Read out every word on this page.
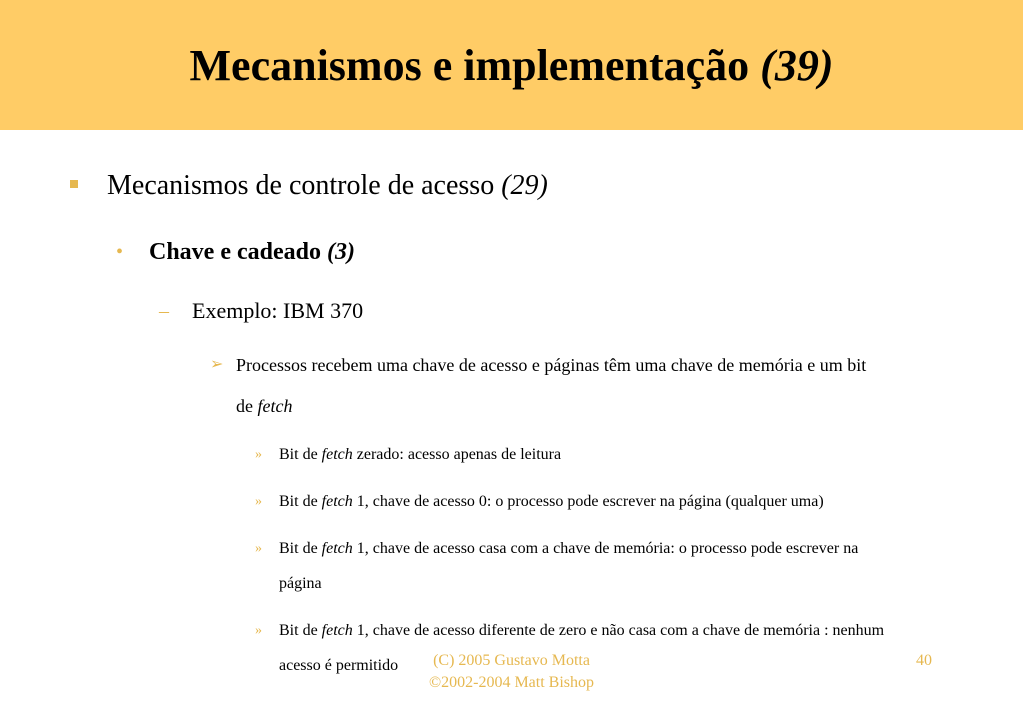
Mecanismos e implementação (39)
Mecanismos de controle de acesso (29)
• Chave e cadeado (3)
– Exemplo: IBM 370
➢ Processos recebem uma chave de acesso e páginas têm uma chave de memória e um bit
de fetch
» Bit de fetch zerado: acesso apenas de leitura
» Bit de fetch 1, chave de acesso 0: o processo pode escrever na página (qualquer uma)
» Bit de fetch 1, chave de acesso casa com a chave de memória: o processo pode escrever na
página
» Bit de fetch 1, chave de acesso diferente de zero e não casa com a chave de memória : nenhum
acesso é permitido	(C) 2005 Gustavo Motta
©2002-2004 Matt Bishop
40
